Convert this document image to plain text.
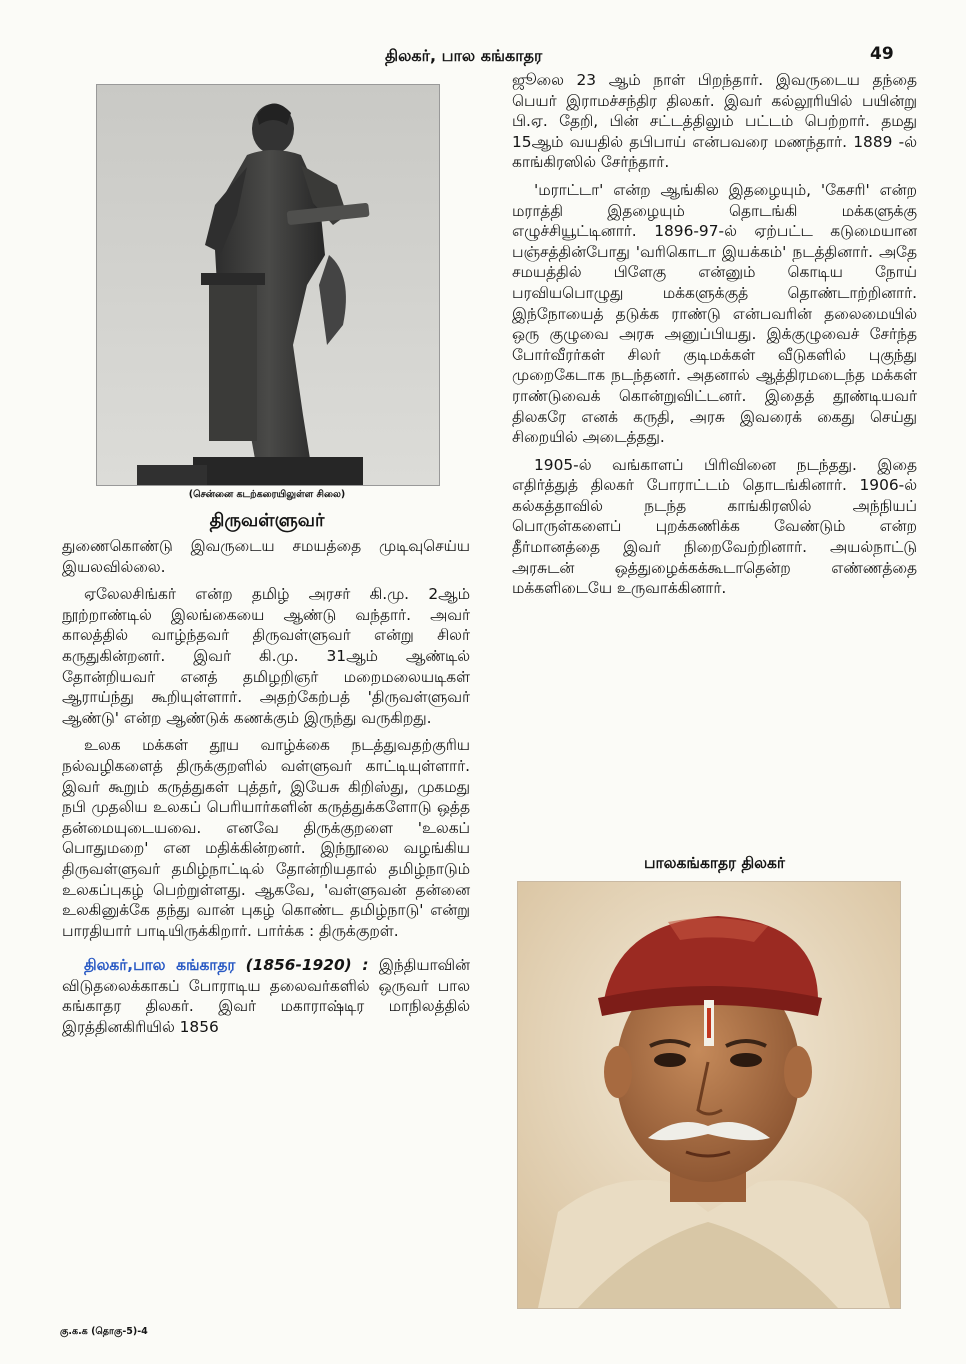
திலகர், பால கங்காதர	49
(சென்னை கடற்கரையிலுள்ள சிலை)
திருவள்ளுவர்

துணைகொண்டு இவருடைய சமயத்தை முடிவுசெய்ய இயலவில்லை.

ஏலேலசிங்கர் என்ற தமிழ் அரசர் கி.மு. 2ஆம் நூற்றாண்டில் இலங்கையை ஆண்டு வந்தார். அவர் காலத்தில் வாழ்ந்தவர் திருவள்ளுவர் என்று சிலர் கருதுகின்றனர். இவர் கி.மு. 31ஆம் ஆண்டில் தோன்றியவர் எனத் தமிழறிஞர் மறைமலையடிகள் ஆராய்ந்து கூறியுள்ளார். அதற்கேற்பத் 'திருவள்ளுவர் ஆண்டு' என்ற ஆண்டுக் கணக்கும் இருந்து வருகிறது.

உலக மக்கள் தூய வாழ்க்கை நடத்துவதற்குரிய நல்வழிகளைத் திருக்குறளில் வள்ளுவர் காட்டியுள்ளார். இவர் கூறும் கருத்துகள் புத்தர், இயேசு கிறிஸ்து, முகமது நபி முதலிய உலகப் பெரியார்களின் கருத்துக்களோடு ஒத்த தன்மையுடையவை. எனவே திருக்குறளை 'உலகப் பொதுமறை' என மதிக்கின்றனர். இந்நூலை வழங்கிய திருவள்ளுவர் தமிழ்நாட்டில் தோன்றியதால் தமிழ்நாடும் உலகப்புகழ் பெற்றுள்ளது. ஆகவே, 'வள்ளுவன் தன்னை உலகினுக்கே தந்து வான் புகழ் கொண்ட தமிழ்நாடு' என்று பாரதியார் பாடியிருக்கிறார். பார்க்க : திருக்குறள்.

திலகர்,பால கங்காதர (1856-1920) : இந்தியாவின் விடுதலைக்காகப் போராடிய தலைவர்களில் ஒருவர் பால கங்காதர திலகர். இவர் மகாராஷ்டிர மாநிலத்தில் இரத்தினகிரியில் 1856

ஜூலை 23 ஆம் நாள் பிறந்தார். இவருடைய தந்தை பெயர் இராமச்சந்திர திலகர். இவர் கல்லூரியில் பயின்று பி.ஏ. தேறி, பின் சட்டத்திலும் பட்டம் பெற்றார். தமது 15ஆம் வயதில் தபிபாய் என்பவரை மணந்தார். 1889 -ல் காங்கிரஸில் சேர்ந்தார்.

'மராட்டா' என்ற ஆங்கில இதழையும், 'கேசரி' என்ற மராத்தி இதழையும் தொடங்கி மக்களுக்கு எழுச்சியூட்டினார். 1896-97-ல் ஏற்பட்ட கடுமையான பஞ்சத்தின்போது 'வரிகொடா இயக்கம்' நடத்தினார். அதே சமயத்தில் பிளேகு என்னும் கொடிய நோய் பரவியபொழுது மக்களுக்குத் தொண்டாற்றினார். இந்நோயைத் தடுக்க ராண்டு என்பவரின் தலைமையில் ஒரு குழுவை அரசு அனுப்பியது. இக்குழுவைச் சேர்ந்த போர்வீரர்கள் சிலர் குடிமக்கள் வீடுகளில் புகுந்து முறைகேடாக நடந்தனர். அதனால் ஆத்திரமடைந்த மக்கள் ராண்டுவைக் கொன்றுவிட்டனர். இதைத் தூண்டியவர் திலகரே எனக் கருதி, அரசு இவரைக் கைது செய்து சிறையில் அடைத்தது.

1905-ல் வங்காளப் பிரிவினை நடந்தது. இதை எதிர்த்துத் திலகர் போராட்டம் தொடங்கினார். 1906-ல் கல்கத்தாவில் நடந்த காங்கிரஸில் அந்நியப் பொருள்களைப் புறக்கணிக்க வேண்டும் என்ற தீர்மானத்தை இவர் நிறைவேற்றினார். அயல்நாட்டு அரசுடன் ஒத்துழைக்கக்கூடாதென்ற எண்ணத்தை மக்களிடையே உருவாக்கினார்.

பாலகங்காதர திலகர்
கு.க.க (தொகு-5)-4
